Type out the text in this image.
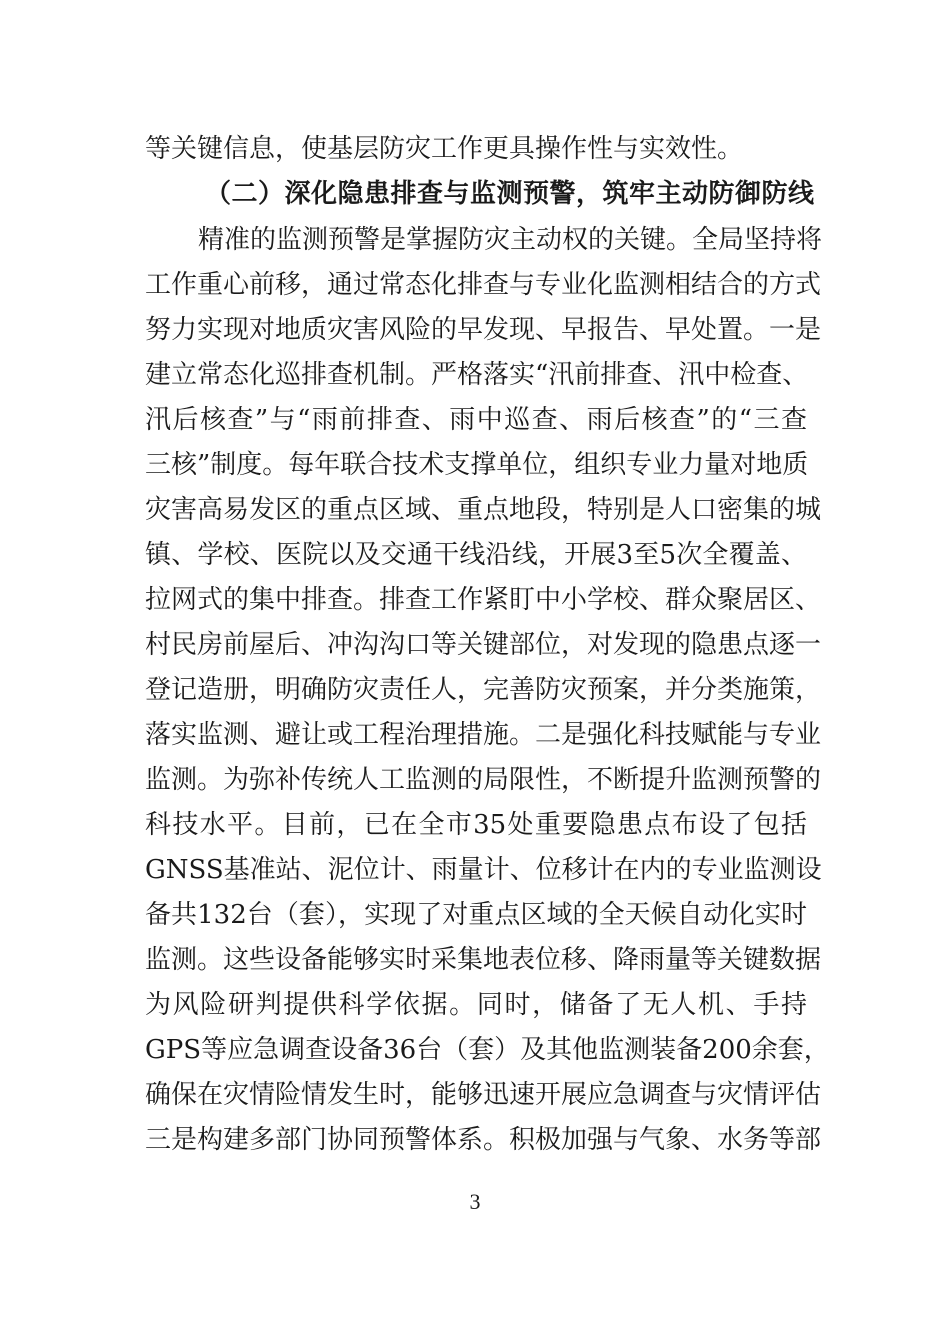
等关键信息，使基层防灾工作更具操作性与实效性。
（二）深化隐患排查与监测预警，筑牢主动防御防线
精准的监测预警是掌握防灾主动权的关键。全局坚持将
工作重心前移，通过常态化排查与专业化监测相结合的方式
努力实现对地质灾害风险的早发现、早报告、早处置。一是
建立常态化巡排查机制。严格落实“汛前排查、汛中检查、
汛后核查”与“雨前排查、雨中巡查、雨后核查”的“三查
三核”制度。每年联合技术支撑单位，组织专业力量对地质
灾害高易发区的重点区域、重点地段，特别是人口密集的城
镇、学校、医院以及交通干线沿线，开展3至5次全覆盖、
拉网式的集中排查。排查工作紧盯中小学校、群众聚居区、
村民房前屋后、冲沟沟口等关键部位，对发现的隐患点逐一
登记造册，明确防灾责任人，完善防灾预案，并分类施策，
落实监测、避让或工程治理措施。二是强化科技赋能与专业
监测。为弥补传统人工监测的局限性，不断提升监测预警的
科技水平。目前，已在全市35处重要隐患点布设了包括
GNSS基准站、泥位计、雨量计、位移计在内的专业监测设
备共132台（套），实现了对重点区域的全天候自动化实时
监测。这些设备能够实时采集地表位移、降雨量等关键数据
为风险研判提供科学依据。同时，储备了无人机、手持
GPS等应急调查设备36台（套）及其他监测装备200余套，
确保在灾情险情发生时，能够迅速开展应急调查与灾情评估
三是构建多部门协同预警体系。积极加强与气象、水务等部
3
